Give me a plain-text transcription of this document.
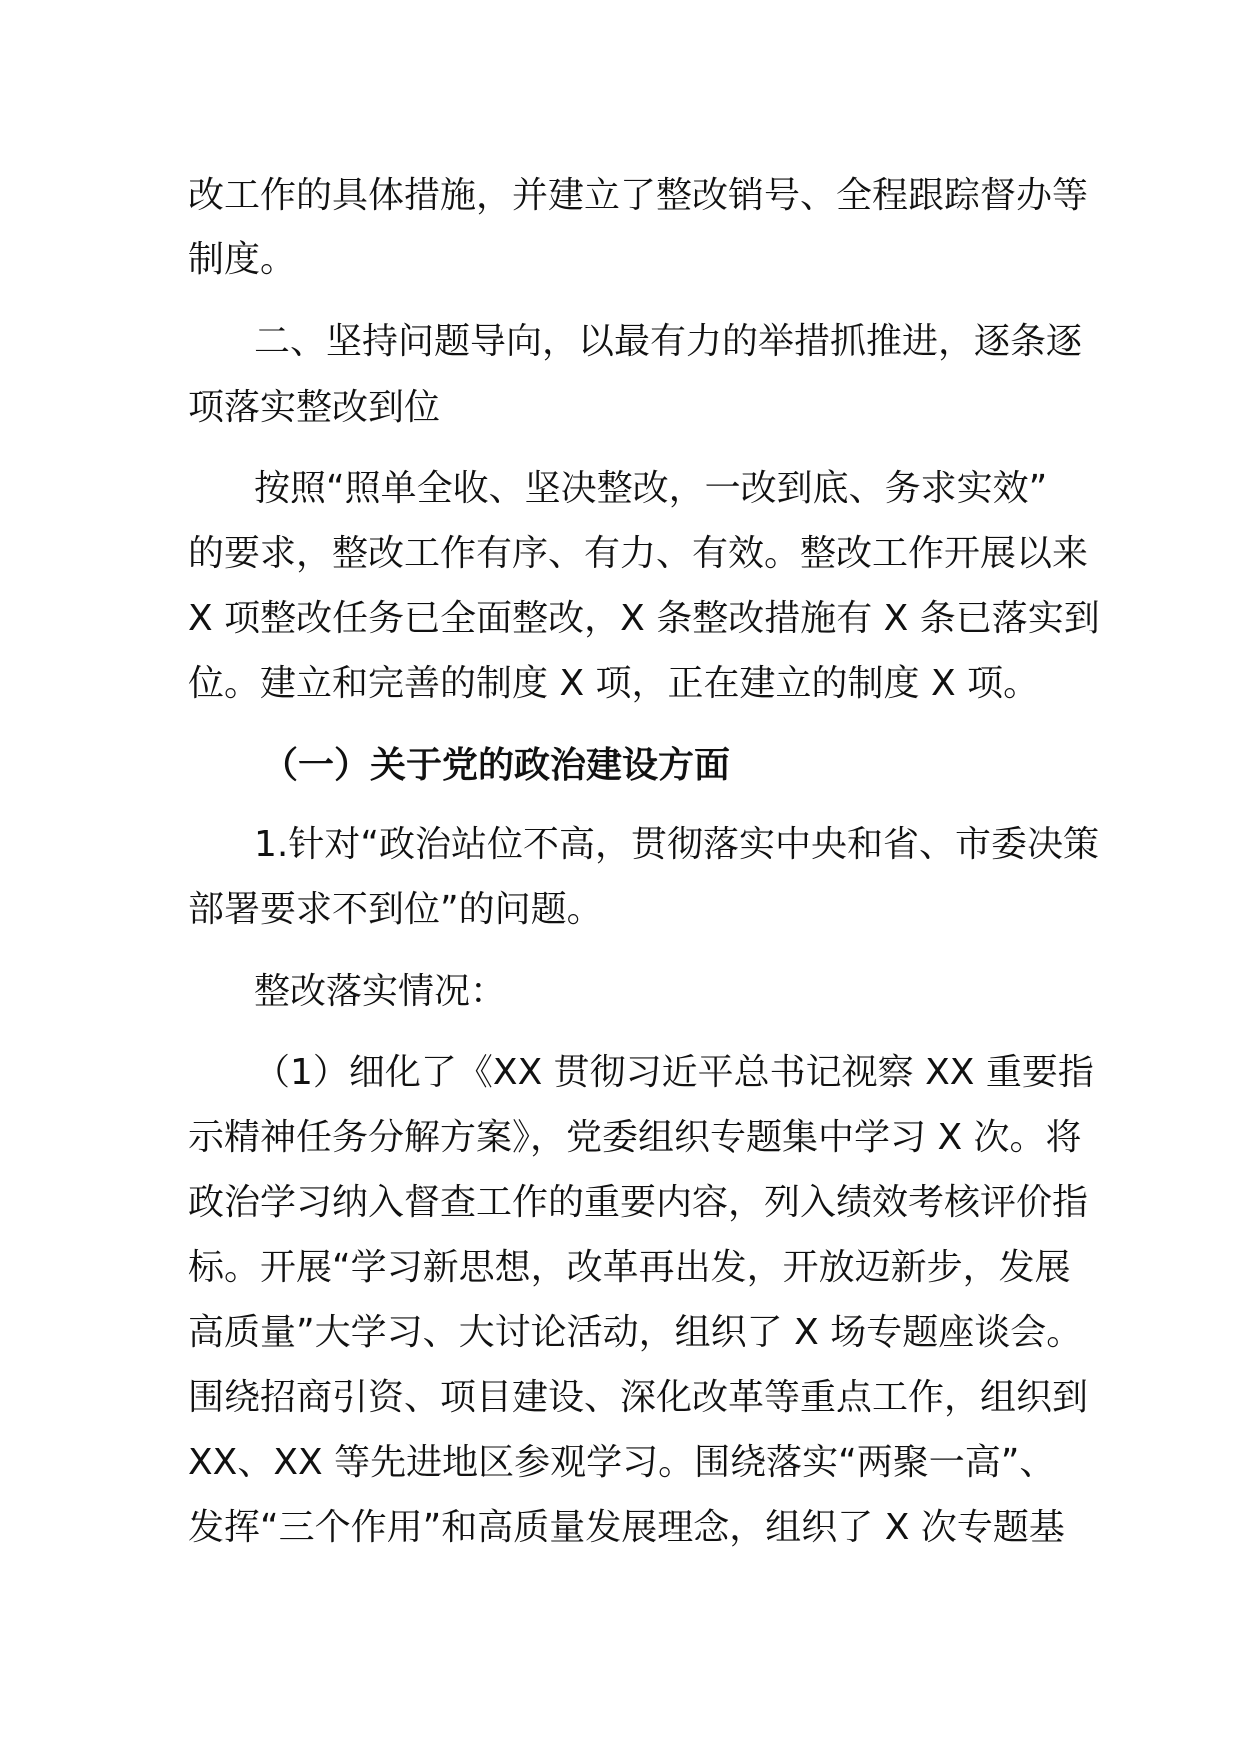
改工作的具体措施，并建立了整改销号、全程跟踪督办等

制度。

二、坚持问题导向，以最有力的举措抓推进，逐条逐

项落实整改到位

按照“照单全收、坚决整改，一改到底、务求实效”

的要求，整改工作有序、有力、有效。整改工作开展以来

X 项整改任务已全面整改，X 条整改措施有 X 条已落实到

位。建立和完善的制度 X 项，正在建立的制度 X 项。

（一）关于党的政治建设方面

1.针对“政治站位不高，贯彻落实中央和省、市委决策

部署要求不到位”的问题。

整改落实情况：

（1）细化了《XX 贯彻习近平总书记视察 XX 重要指

示精神任务分解方案》，党委组织专题集中学习 X 次。将

政治学习纳入督查工作的重要内容，列入绩效考核评价指

标。开展“学习新思想，改革再出发，开放迈新步，发展

高质量”大学习、大讨论活动，组织了 X 场专题座谈会。

围绕招商引资、项目建设、深化改革等重点工作，组织到

XX、XX 等先进地区参观学习。围绕落实“两聚一高”、

发挥“三个作用”和高质量发展理念，组织了 X 次专题基
